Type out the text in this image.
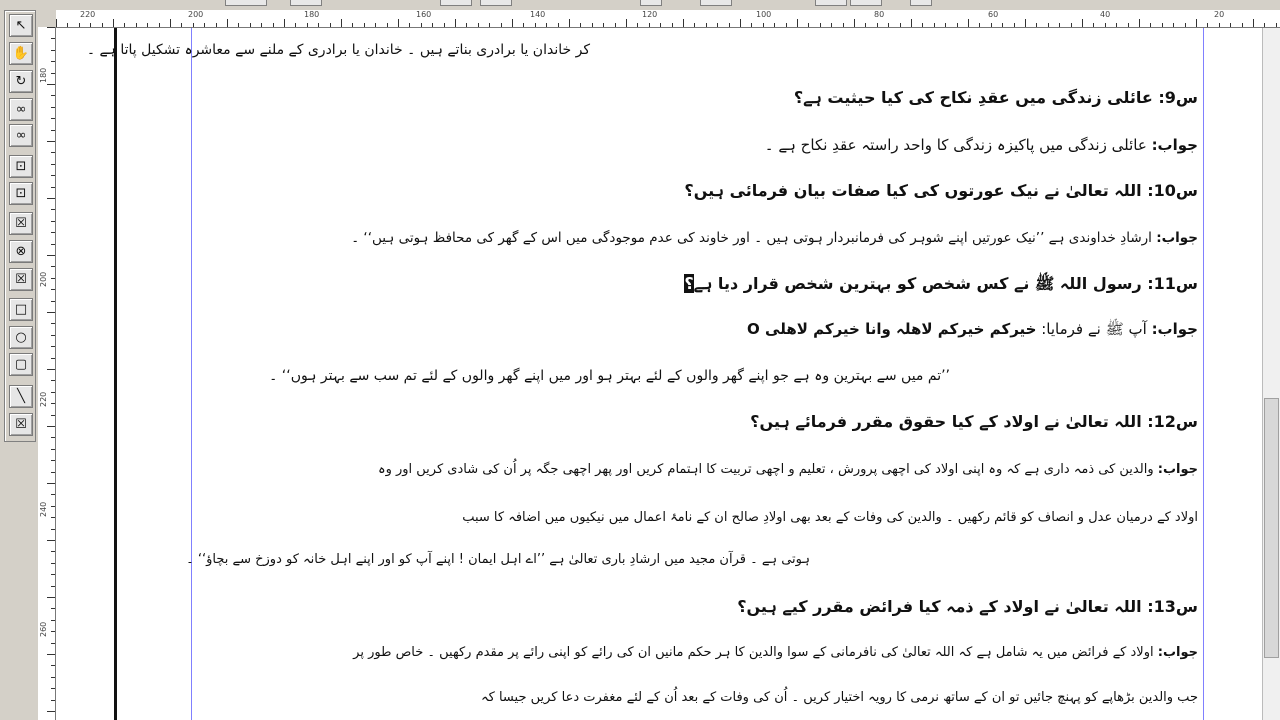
↖
✋
↻
∞
∞
⊡
⊡
☒
⊗
☒
□
○
▢
╲
☒
220	200	180	160	140	120	100	80	60	40	20
180
200
220
240
260
کر خاندان یا برادری بناتے ہیں ۔ خاندان یا برادری کے ملنے سے معاشرہ تشکیل پاتا ہے ۔
س9: عائلی زندگی میں عقدِ نکاح کی کیا حیثیت ہے؟
جواب: عائلی زندگی میں پاکیزہ زندگی کا واحد راستہ عقدِ نکاح ہے ۔
س10: اللہ تعالیٰ نے نیک عورتوں کی کیا صفات بیان فرمائی ہیں؟
جواب: ارشادِ خداوندی ہے ’’نیک عورتیں اپنے شوہر کی فرمانبردار ہوتی ہیں ۔ اور خاوند کی عدم موجودگی میں اس کے گھر کی محافظ ہوتی ہیں‘‘ ۔
س11: رسول اللہ ﷺ نے کس شخص کو بہترین شخص قرار دیا ہے؟
جواب: آپ ﷺ نے فرمایا: خیرکم خیرکم لاھلہ وانا خیرکم لاھلی O
’’تم میں سے بہترین وہ ہے جو اپنے گھر والوں کے لئے بہتر ہو اور میں اپنے گھر والوں کے لئے تم سب سے بہتر ہوں‘‘ ۔
س12: اللہ تعالیٰ نے اولاد کے کیا حقوق مقرر فرمائے ہیں؟
جواب: والدین کی ذمہ داری ہے کہ وہ اپنی اولاد کی اچھی پرورش ، تعلیم و اچھی تربیت کا اہتمام کریں اور پھر اچھی جگہ پر اُن کی شادی کریں اور وہ
اولاد کے درمیان عدل و انصاف کو قائم رکھیں ۔ والدین کی وفات کے بعد بھی اولادِ صالح ان کے نامۂ اعمال میں نیکیوں میں اضافہ کا سبب
ہوتی ہے ۔ قرآن مجید میں ارشادِ باری تعالیٰ ہے ’’اے اہل ایمان ! اپنے آپ کو اور اپنے اہل خانہ کو دوزخ سے بچاؤ‘‘ ۔
س13: اللہ تعالیٰ نے اولاد کے ذمہ کیا فرائض مقرر کیے ہیں؟
جواب: اولاد کے فرائض میں یہ شامل ہے کہ اللہ تعالیٰ کی نافرمانی کے سوا والدین کا ہر حکم مانیں ان کی رائے کو اپنی رائے پر مقدم رکھیں ۔ خاص طور پر
جب والدین بڑھاپے کو پہنچ جائیں تو ان کے ساتھ نرمی کا رویہ اختیار کریں ۔ اُن کی وفات کے بعد اُن کے لئے مغفرت دعا کریں جیسا کہ
